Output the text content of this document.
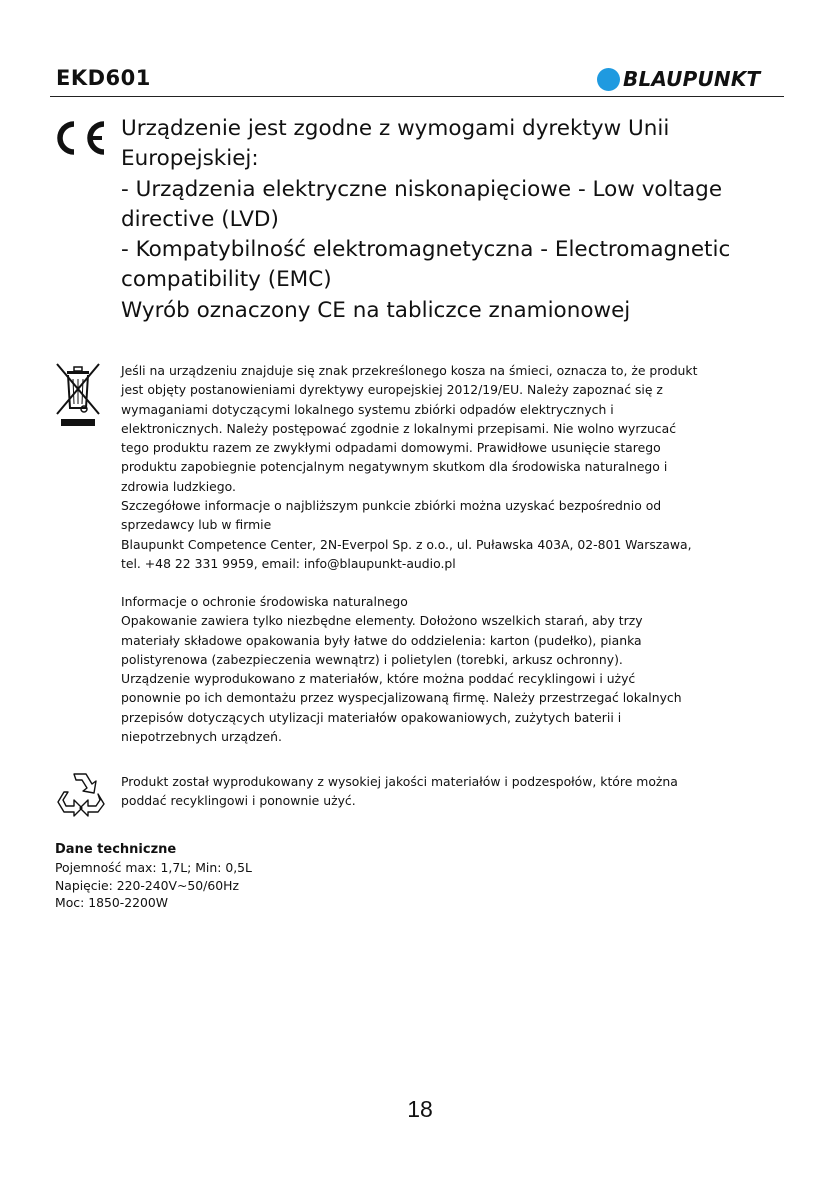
EKD601	BLAUPUNKT
Urządzenie jest zgodne z wymogami dyrektyw Unii
Europejskiej:
- Urządzenia elektryczne niskonapięciowe - Low voltage
directive (LVD)
- Kompatybilność elektromagnetyczna - Electromagnetic
compatibility (EMC)
Wyrób oznaczony CE na tabliczce znamionowej
Jeśli na urządzeniu znajduje się znak przekreślonego kosza na śmieci, oznacza to, że produkt
jest objęty postanowieniami dyrektywy europejskiej 2012/19/EU. Należy zapoznać się z
wymaganiami dotyczącymi lokalnego systemu zbiórki odpadów elektrycznych i
elektronicznych. Należy postępować zgodnie z lokalnymi przepisami. Nie wolno wyrzucać
tego produktu razem ze zwykłymi odpadami domowymi. Prawidłowe usunięcie starego
produktu zapobiegnie potencjalnym negatywnym skutkom dla środowiska naturalnego i
zdrowia ludzkiego.
Szczegółowe informacje o najbliższym punkcie zbiórki można uzyskać bezpośrednio od
sprzedawcy lub w firmie
Blaupunkt Competence Center, 2N-Everpol Sp. z o.o., ul. Puławska 403A, 02-801 Warszawa,
tel. +48 22 331 9959, email: info@blaupunkt-audio.pl
Informacje o ochronie środowiska naturalnego
Opakowanie zawiera tylko niezbędne elementy. Dołożono wszelkich starań, aby trzy
materiały składowe opakowania były łatwe do oddzielenia: karton (pudełko), pianka
polistyrenowa (zabezpieczenia wewnątrz) i polietylen (torebki, arkusz ochronny).
Urządzenie wyprodukowano z materiałów, które można poddać recyklingowi i użyć
ponownie po ich demontażu przez wyspecjalizowaną firmę. Należy przestrzegać lokalnych
przepisów dotyczących utylizacji materiałów opakowaniowych, zużytych baterii i
niepotrzebnych urządzeń.
Produkt został wyprodukowany z wysokiej jakości materiałów i podzespołów, które można
poddać recyklingowi i ponownie użyć.
Dane techniczne
Pojemność max: 1,7L; Min: 0,5L
Napięcie: 220-240V~50/60Hz
Moc: 1850-2200W
18
